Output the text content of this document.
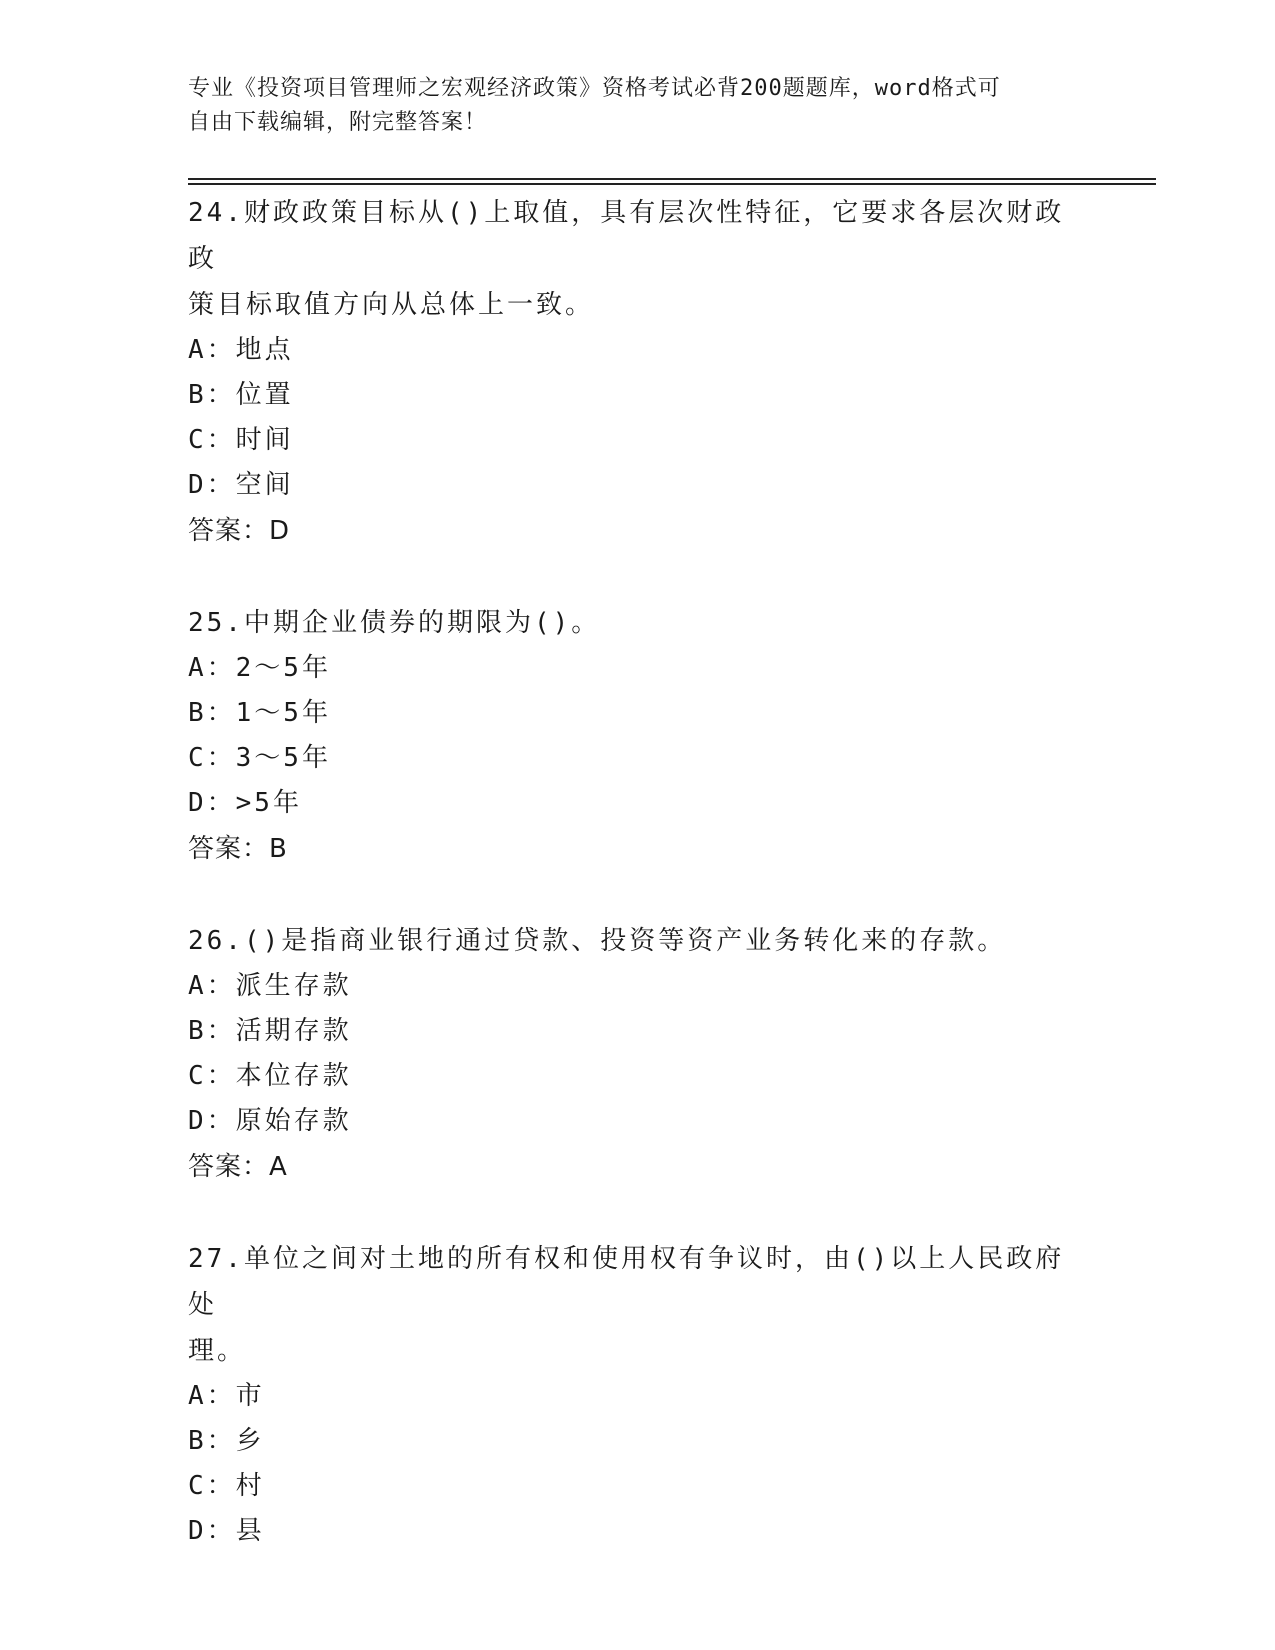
专业《投资项目管理师之宏观经济政策》资格考试必背200题题库，word格式可
自由下载编辑，附完整答案！

24.财政政策目标从()上取值，具有层次性特征，它要求各层次财政政
策目标取值方向从总体上一致。

A：地点

B：位置

C：时间

D：空间

答案：D

25.中期企业债券的期限为()。

A：2～5年

B：1～5年

C：3～5年

D：>5年

答案：B

26.()是指商业银行通过贷款、投资等资产业务转化来的存款。

A：派生存款

B：活期存款

C：本位存款

D：原始存款

答案：A

27.单位之间对土地的所有权和使用权有争议时，由()以上人民政府处
理。

A：市

B：乡

C：村

D：县
